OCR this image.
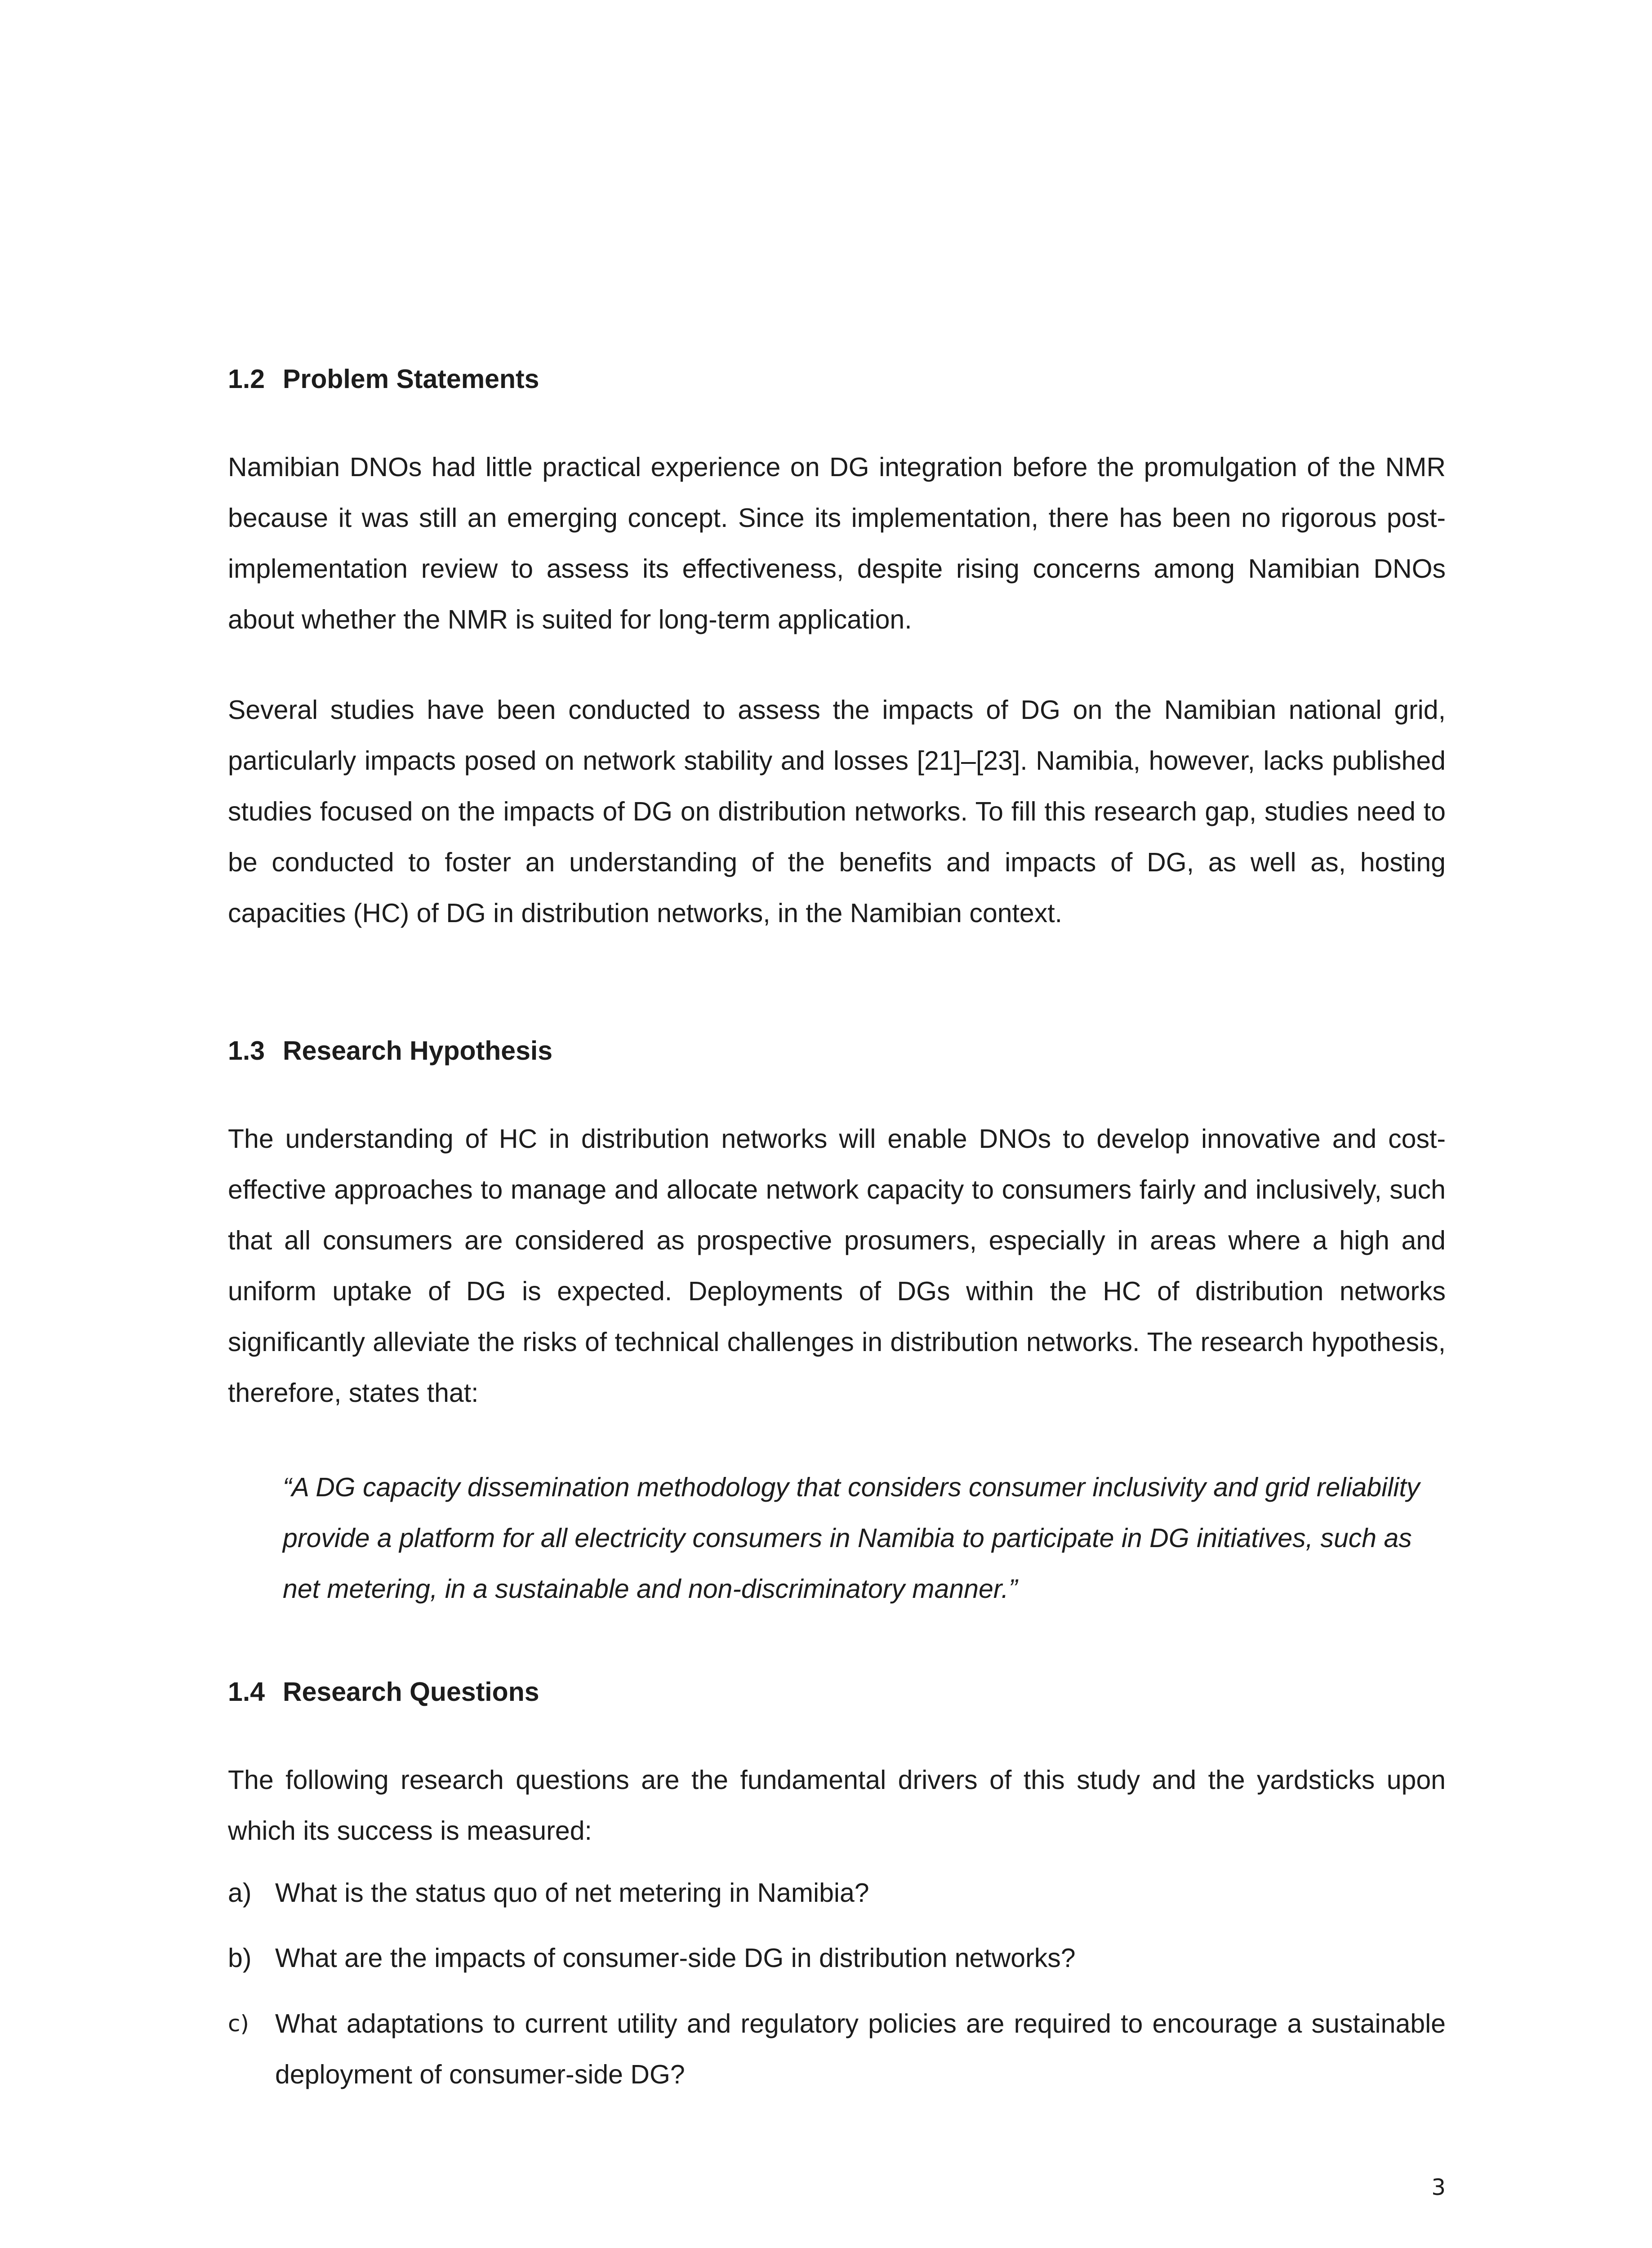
1.2 Problem Statements

Namibian DNOs had little practical experience on DG integration before the promulgation of the NMR because it was still an emerging concept. Since its implementation, there has been no rigorous post-implementation review to assess its effectiveness, despite rising concerns among Namibian DNOs about whether the NMR is suited for long-term application.

Several studies have been conducted to assess the impacts of DG on the Namibian national grid, particularly impacts posed on network stability and losses [21]–[23]. Namibia, however, lacks published studies focused on the impacts of DG on distribution networks. To fill this research gap, studies need to be conducted to foster an understanding of the benefits and impacts of DG, as well as, hosting capacities (HC) of DG in distribution networks, in the Namibian context.

1.3 Research Hypothesis

The understanding of HC in distribution networks will enable DNOs to develop innovative and cost-effective approaches to manage and allocate network capacity to consumers fairly and inclusively, such that all consumers are considered as prospective prosumers, especially in areas where a high and uniform uptake of DG is expected. Deployments of DGs within the HC of distribution networks significantly alleviate the risks of technical challenges in distribution networks. The research hypothesis, therefore, states that:

“A DG capacity dissemination methodology that considers consumer inclusivity and grid reliability provide a platform for all electricity consumers in Namibia to participate in DG initiatives, such as net metering, in a sustainable and non-discriminatory manner.”

1.4 Research Questions

The following research questions are the fundamental drivers of this study and the yardsticks upon which its success is measured:

a) What is the status quo of net metering in Namibia?
b) What are the impacts of consumer-side DG in distribution networks?
c) What adaptations to current utility and regulatory policies are required to encourage a sustainable deployment of consumer-side DG?

3
